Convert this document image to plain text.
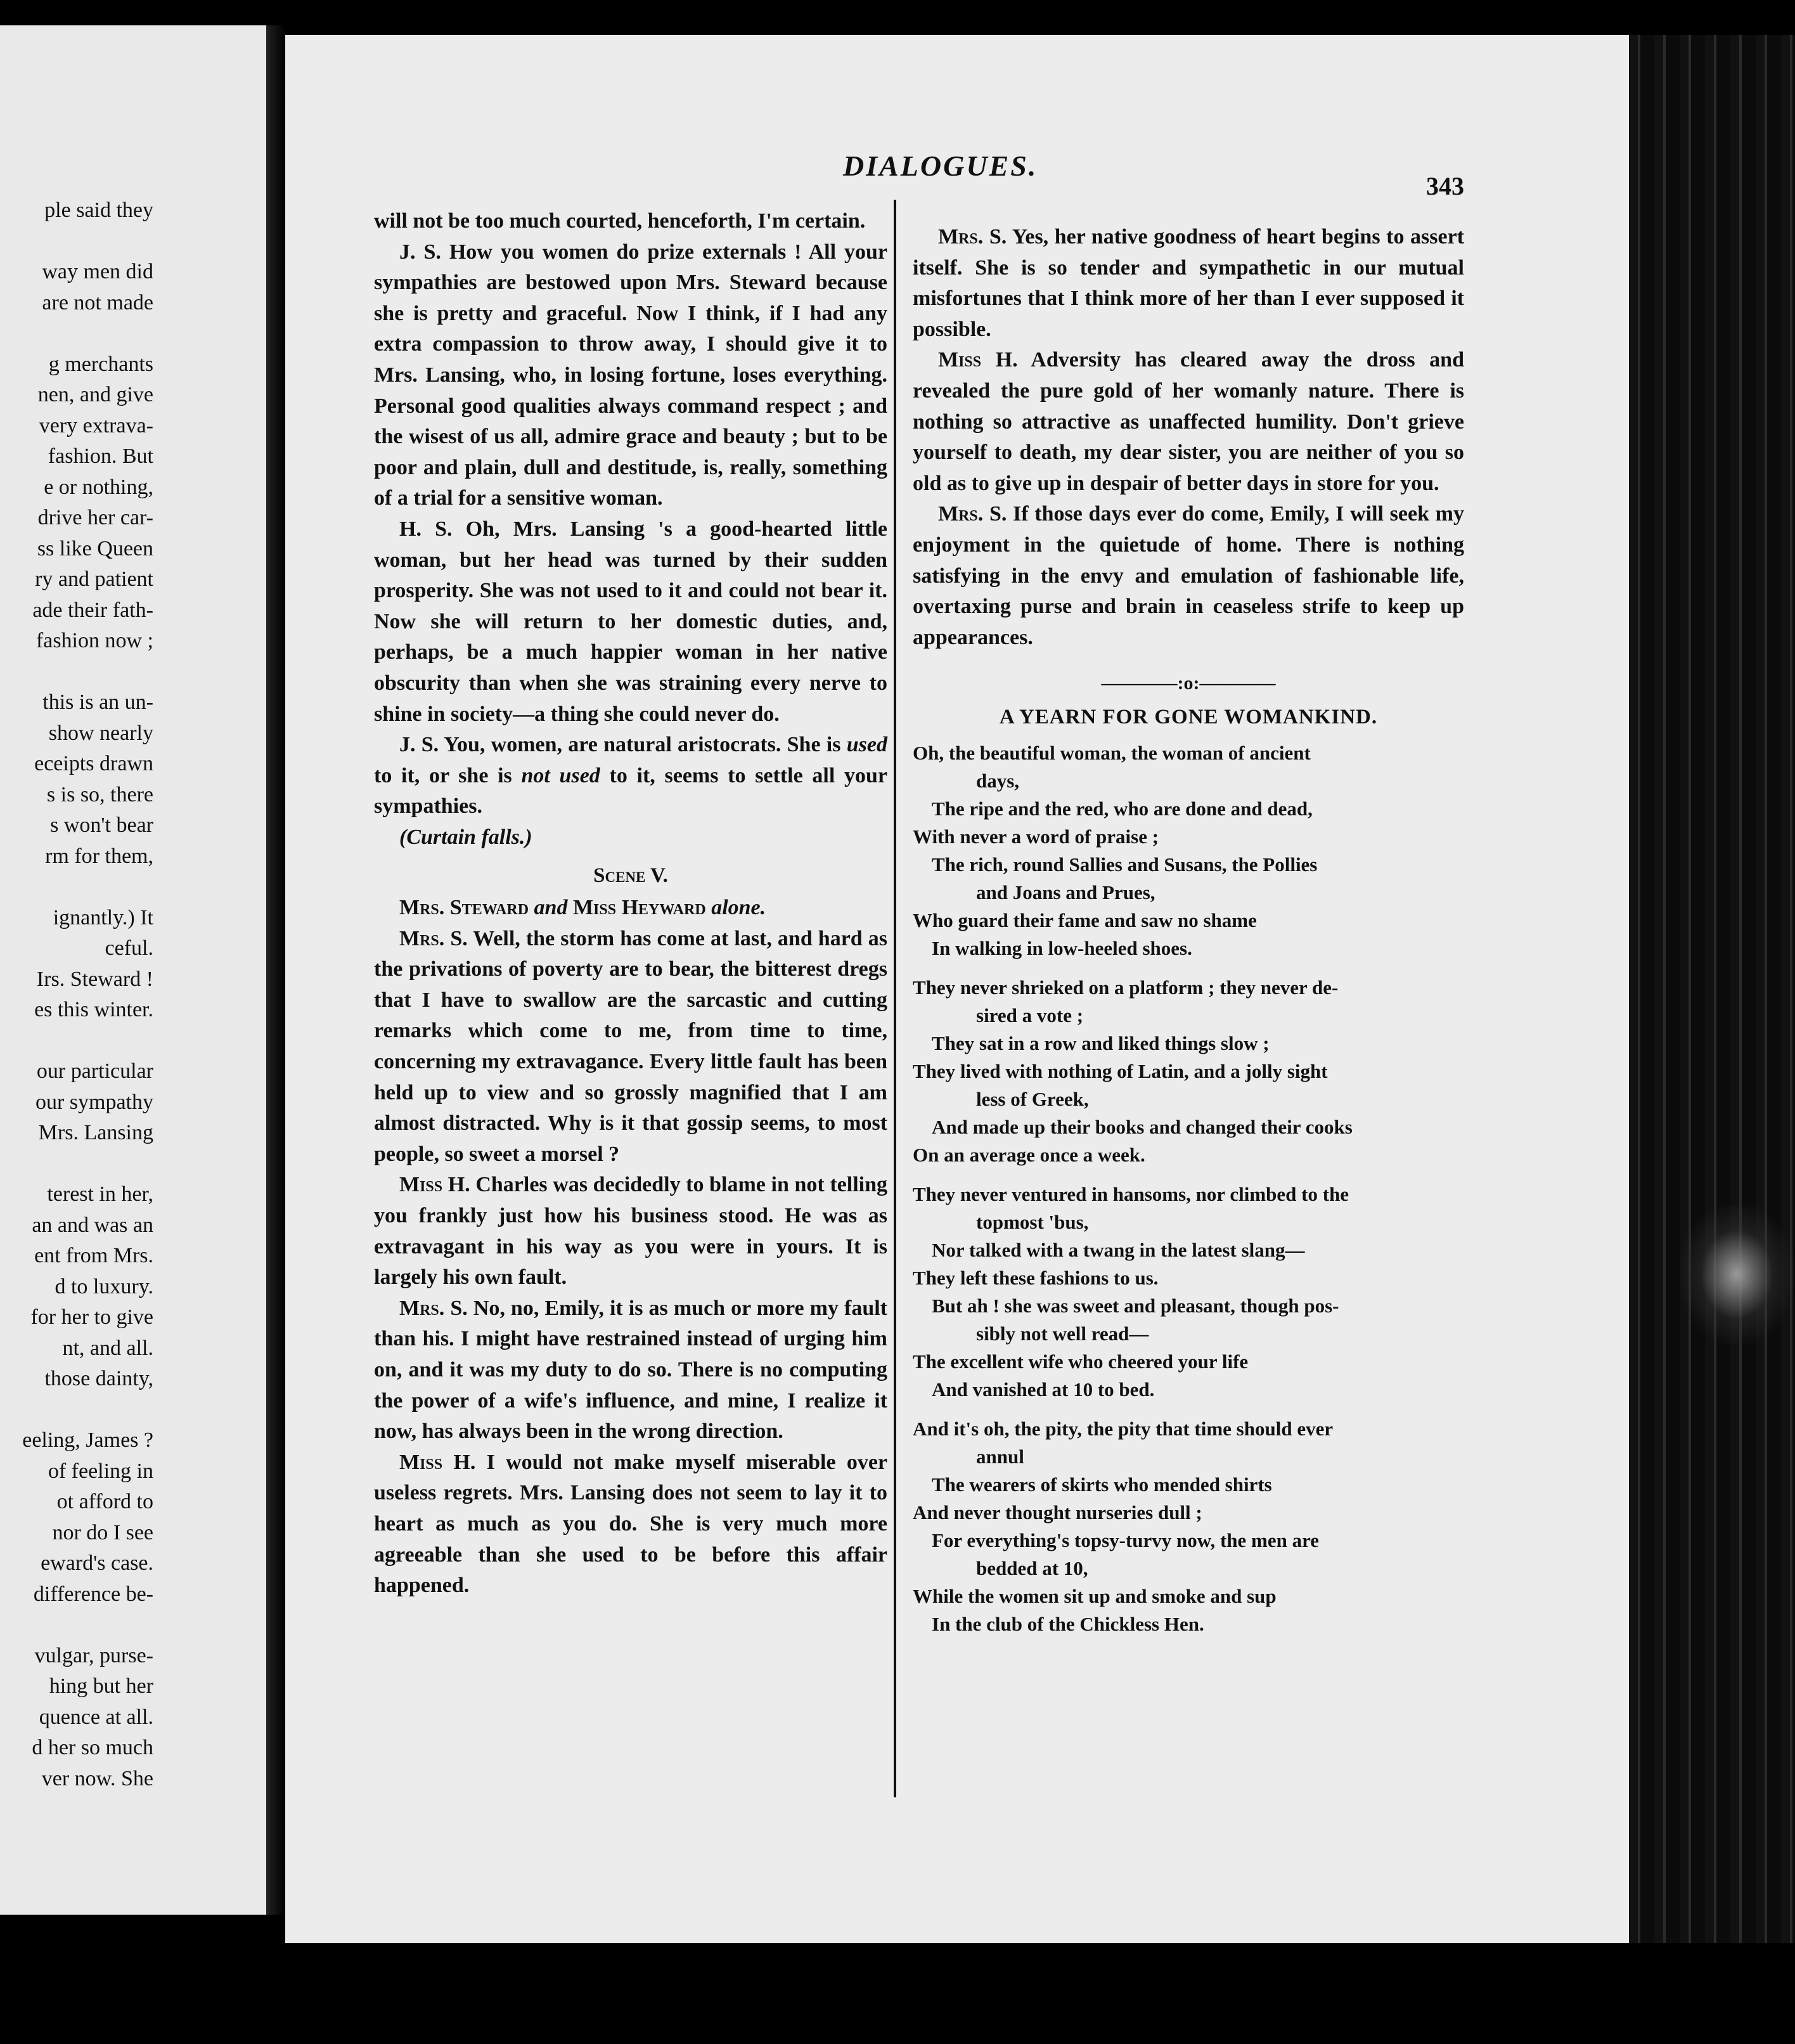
ple said they

way men did
are not made

g merchants
nen, and give
very extrava-
fashion. But
e or nothing,
drive her car-
ss like Queen
ry and patient
ade their fath-
fashion now ;

this is an un-
show nearly
eceipts drawn
s is so, there
s won't bear
rm for them,

ignantly.) It
ceful.
Irs. Steward !
es this winter.

our particular
our sympathy
Mrs. Lansing

terest in her,
an and was an
ent from Mrs.
d to luxury.
for her to give
nt, and all.
those dainty,

eeling, James ?
of feeling in
ot afford to
nor do I see
eward's case.
difference be-

vulgar, purse-
hing but her
quence at all.
d her so much
ver now. She
DIALOGUES.
343

will not be too much courted, henceforth, I'm certain.

J. S. How you women do prize externals ! All your sympathies are bestowed upon Mrs. Steward because she is pretty and graceful. Now I think, if I had any extra compassion to throw away, I should give it to Mrs. Lansing, who, in losing fortune, loses everything. Personal good qualities always command respect ; and the wisest of us all, admire grace and beauty ; but to be poor and plain, dull and destitude, is, really, something of a trial for a sensitive woman.

H. S. Oh, Mrs. Lansing 's a good-hearted little woman, but her head was turned by their sudden prosperity. She was not used to it and could not bear it. Now she will return to her domestic duties, and, perhaps, be a much happier woman in her native obscurity than when she was straining every nerve to shine in society—a thing she could never do.

J. S. You, women, are natural aristocrats. She is used to it, or she is not used to it, seems to settle all your sympathies.

(Curtain falls.)

Scene V.

Mrs. Steward and Miss Heyward alone.

Mrs. S. Well, the storm has come at last, and hard as the privations of poverty are to bear, the bitterest dregs that I have to swallow are the sarcastic and cutting remarks which come to me, from time to time, concerning my extravagance. Every little fault has been held up to view and so grossly magnified that I am almost distracted. Why is it that gossip seems, to most people, so sweet a morsel ?

Miss H. Charles was decidedly to blame in not telling you frankly just how his business stood. He was as extravagant in his way as you were in yours. It is largely his own fault.

Mrs. S. No, no, Emily, it is as much or more my fault than his. I might have restrained instead of urging him on, and it was my duty to do so. There is no computing the power of a wife's influence, and mine, I realize it now, has always been in the wrong direction.

Miss H. I would not make myself miserable over useless regrets. Mrs. Lansing does not seem to lay it to heart as much as you do. She is very much more agreeable than she used to be before this affair happened.

Mrs. S. Yes, her native goodness of heart begins to assert itself. She is so tender and sympathetic in our mutual misfortunes that I think more of her than I ever supposed it possible.

Miss H. Adversity has cleared away the dross and revealed the pure gold of her womanly nature. There is nothing so attractive as unaffected humility. Don't grieve yourself to death, my dear sister, you are neither of you so old as to give up in despair of better days in store for you.

Mrs. S. If those days ever do come, Emily, I will seek my enjoyment in the quietude of home. There is nothing satisfying in the envy and emulation of fashionable life, overtaxing purse and brain in ceaseless strife to keep up appearances.

————:o:————

A YEARN FOR GONE WOMANKIND.

Oh, the beautiful woman, the woman of ancient
days,
The ripe and the red, who are done and dead,
With never a word of praise ;
The rich, round Sallies and Susans, the Pollies
and Joans and Prues,
Who guard their fame and saw no shame
In walking in low-heeled shoes.
They never shrieked on a platform ; they never de-
sired a vote ;
They sat in a row and liked things slow ;
They lived with nothing of Latin, and a jolly sight
less of Greek,
And made up their books and changed their cooks
On an average once a week.
They never ventured in hansoms, nor climbed to the
topmost 'bus,
Nor talked with a twang in the latest slang—
They left these fashions to us.
But ah ! she was sweet and pleasant, though pos-
sibly not well read—
The excellent wife who cheered your life
And vanished at 10 to bed.
And it's oh, the pity, the pity that time should ever
annul
The wearers of skirts who mended shirts
And never thought nurseries dull ;
For everything's topsy-turvy now, the men are
bedded at 10,
While the women sit up and smoke and sup
In the club of the Chickless Hen.
